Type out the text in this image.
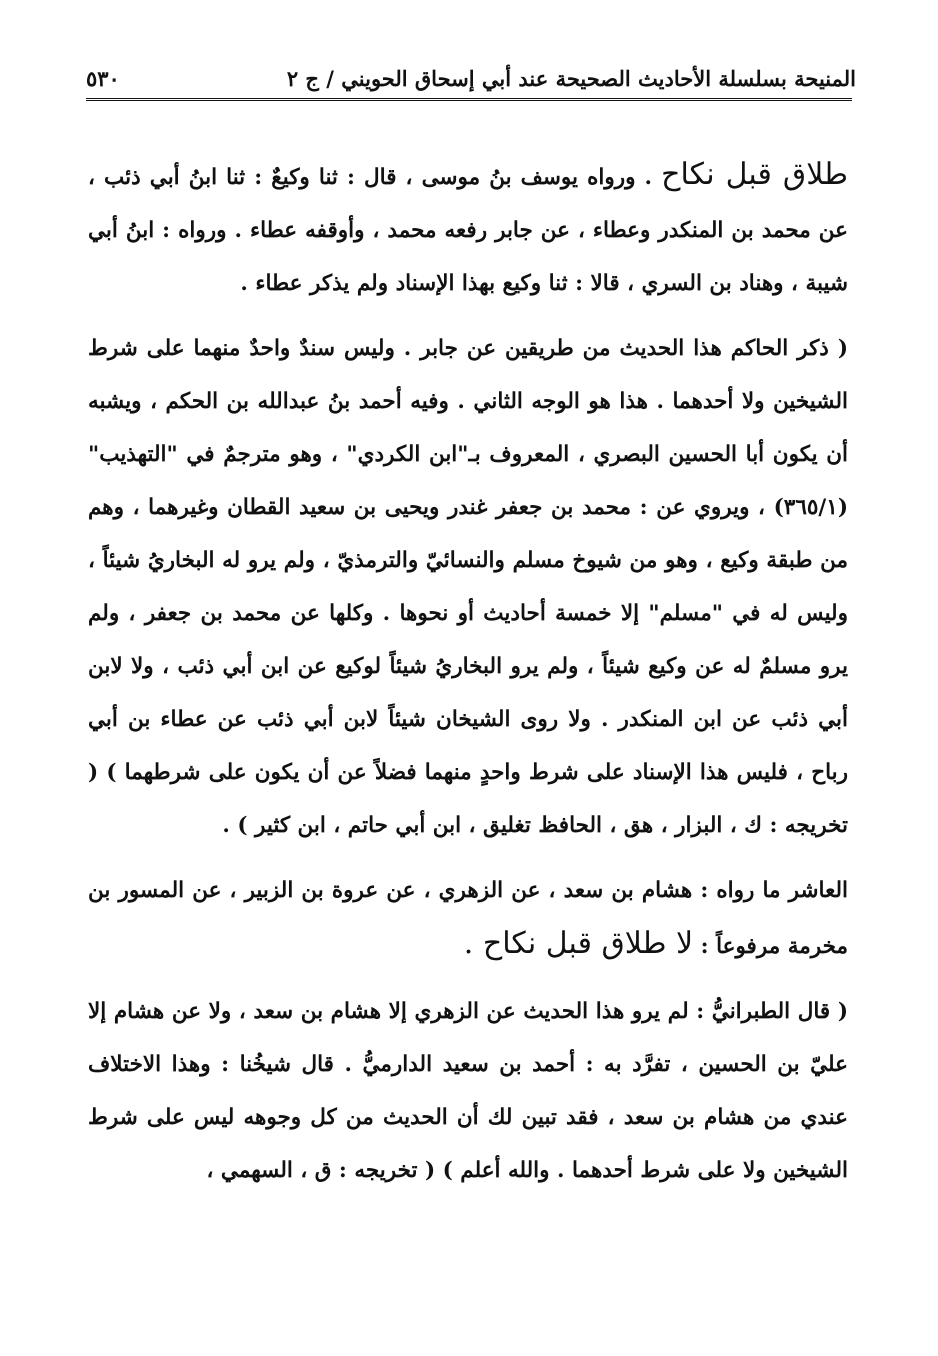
المنيحة بسلسلة الأحاديث الصحيحة عند أبي إسحاق الحويني / ج ٢
٥٣٠

طلاق قبل نكاح . ورواه يوسف بنُ موسى ، قال : ثنا وكيعٌ : ثنا ابنُ أبي ذئب ، عن محمد بن المنكدر وعطاء ، عن جابر رفعه محمد ، وأوقفه عطاء . ورواه : ابنُ أبي شيبة ، وهناد بن السري ، قالا : ثنا وكيع بهذا الإسناد ولم يذكر عطاء .

( ذكر الحاكم هذا الحديث من طريقين عن جابر . وليس سندٌ واحدٌ منهما على شرط الشيخين ولا أحدهما . هذا هو الوجه الثاني . وفيه أحمد بنُ عبدالله بن الحكم ، ويشبه أن يكون أبا الحسين البصري ، المعروف بـ"ابن الكردي" ، وهو مترجمٌ في "التهذيب" (٣٦٥/١) ، ويروي عن : محمد بن جعفر غندر ويحيى بن سعيد القطان وغيرهما ، وهم من طبقة وكيع ، وهو من شيوخ مسلم والنسائيّ والترمذيّ ، ولم يرو له البخاريُ شيئاً ، وليس له في "مسلم" إلا خمسة أحاديث أو نحوها . وكلها عن محمد بن جعفر ، ولم يرو مسلمٌ له عن وكيع شيئاً ، ولم يرو البخاريُ شيئاً لوكيع عن ابن أبي ذئب ، ولا لابن أبي ذئب عن ابن المنكدر . ولا روى الشيخان شيئاً لابن أبي ذئب عن عطاء بن أبي رباح ، فليس هذا الإسناد على شرط واحدٍ منهما فضلاً عن أن يكون على شرطهما ) ( تخريجه : ك ، البزار ، هق ، الحافظ تغليق ، ابن أبي حاتم ، ابن كثير ) .

العاشر ما رواه : هشام بن سعد ، عن الزهري ، عن عروة بن الزبير ، عن المسور بن مخرمة مرفوعاً : لا طلاق قبل نكاح .

( قال الطبرانيُّ : لم يرو هذا الحديث عن الزهري إلا هشام بن سعد ، ولا عن هشام إلا عليّ بن الحسين ، تفرَّد به : أحمد بن سعيد الدارميُّ . قال شيخُنا : وهذا الاختلاف عندي من هشام بن سعد ، فقد تبين لك أن الحديث من كل وجوهه ليس على شرط الشيخين ولا على شرط أحدهما . والله أعلم ) ( تخريجه : ق ، السهمي ،
